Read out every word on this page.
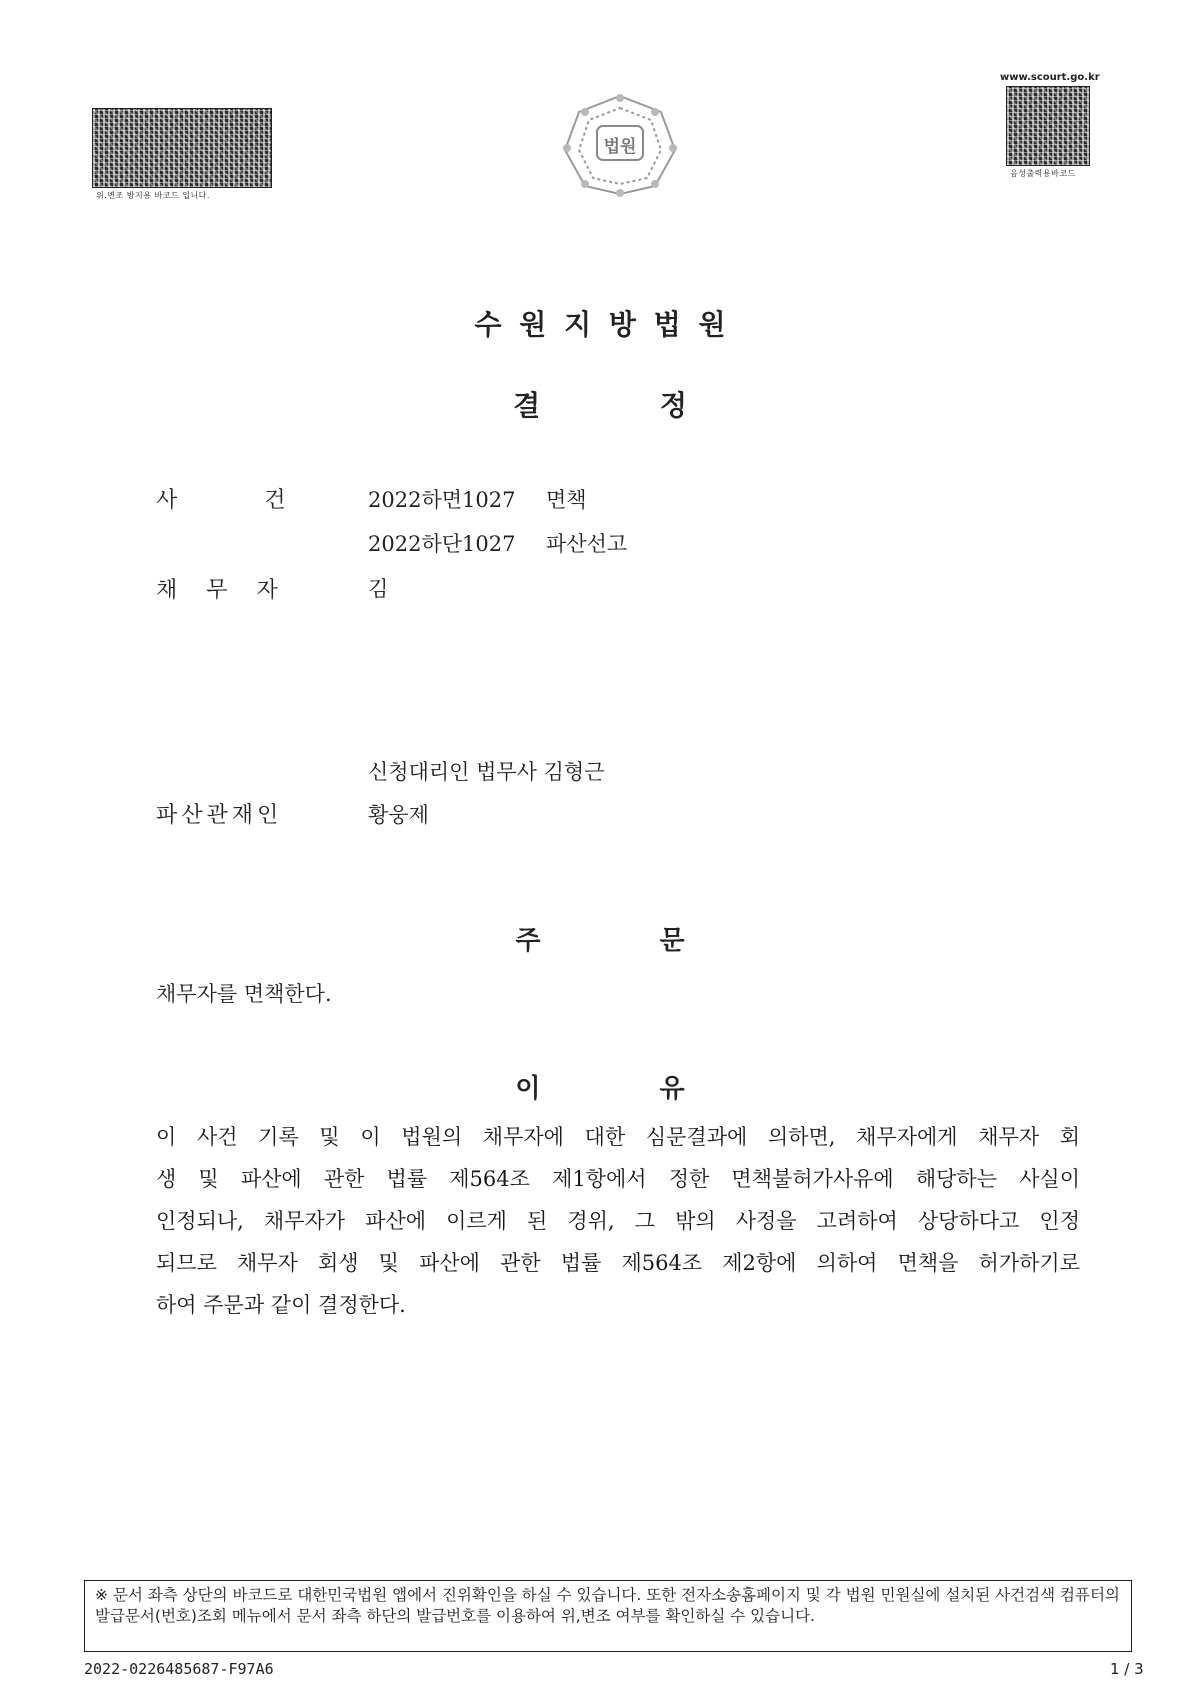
위.변조 방지용 바코드 입니다.
www.scourt.go.kr
음성출력용바코드
법원
수 원 지 방 법 원
결 정
사 건	2022하면1027 면책
2022하단1027 파산선고
채 무 자	김
신청대리인 법무사 김형근
파산관재인	황웅제
주 문
채무자를 면책한다.
이 유
이 사건 기록 및 이 법원의 채무자에 대한 심문결과에 의하면, 채무자에게 채무자 회
생 및 파산에 관한 법률 제564조 제1항에서 정한 면책불허가사유에 해당하는 사실이
인정되나, 채무자가 파산에 이르게 된 경위, 그 밖의 사정을 고려하여 상당하다고 인정
되므로 채무자 회생 및 파산에 관한 법률 제564조 제2항에 의하여 면책을 허가하기로
하여 주문과 같이 결정한다.
※ 문서 좌측 상단의 바코드로 대한민국법원 앱에서 진위확인을 하실 수 있습니다. 또한 전자소송홈페이지 및 각 법원 민원실에 설치된 사건검색 컴퓨터의 발급문서(번호)조회 메뉴에서 문서 좌측 하단의 발급번호를 이용하여 위,변조 여부를 확인하실 수 있습니다.
2022-0226485687-F97A6	1 / 3
